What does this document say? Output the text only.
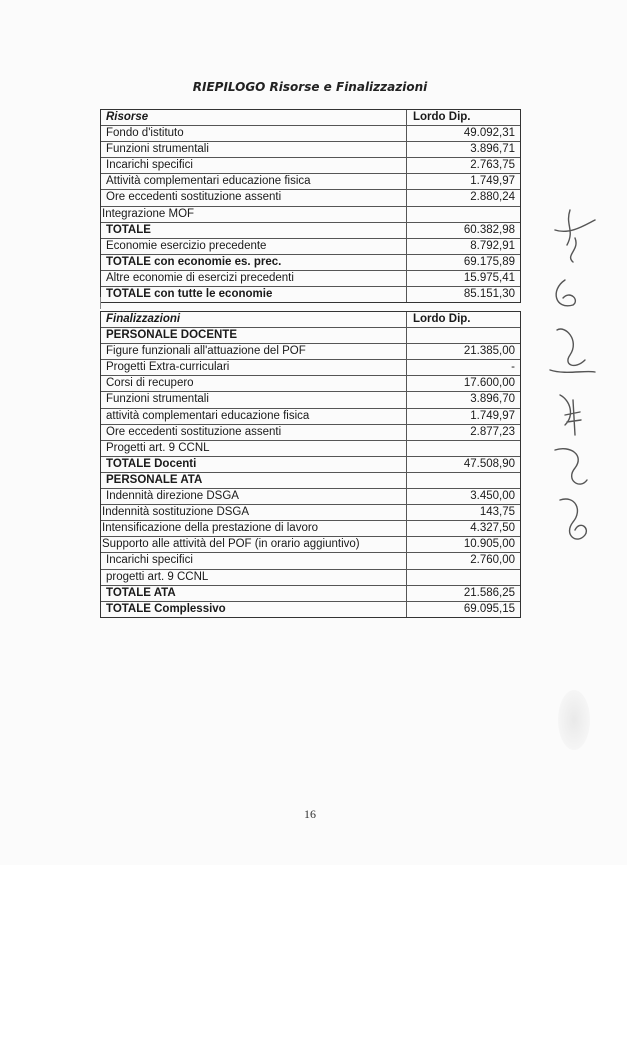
RIEPILOGO Risorse e Finalizzazioni
Risorse	Lordo Dip.
Fondo d'istituto	49.092,31
Funzioni strumentali	3.896,71
Incarichi specifici	2.763,75
Attività complementari educazione fisica	1.749,97
Ore eccedenti sostituzione assenti	2.880,24
Integrazione MOF
TOTALE	60.382,98
Economie esercizio precedente	8.792,91
TOTALE con economie es. prec.	69.175,89
Altre economie di esercizi precedenti	15.975,41
TOTALE con tutte le economie	85.151,30
Finalizzazioni	Lordo Dip.
PERSONALE DOCENTE
Figure funzionali all'attuazione del POF	21.385,00
Progetti Extra-curriculari	-
Corsi di recupero	17.600,00
Funzioni strumentali	3.896,70
attività complementari educazione fisica	1.749,97
Ore eccedenti sostituzione assenti	2.877,23
Progetti art. 9 CCNL
TOTALE Docenti	47.508,90
PERSONALE ATA
Indennità direzione DSGA	3.450,00
Indennità sostituzione DSGA	143,75
Intensificazione della prestazione di lavoro	4.327,50
Supporto alle attività del POF (in orario aggiuntivo)	10.905,00
Incarichi specifici	2.760,00
progetti art. 9 CCNL
TOTALE ATA	21.586,25
TOTALE Complessivo	69.095,15
16
